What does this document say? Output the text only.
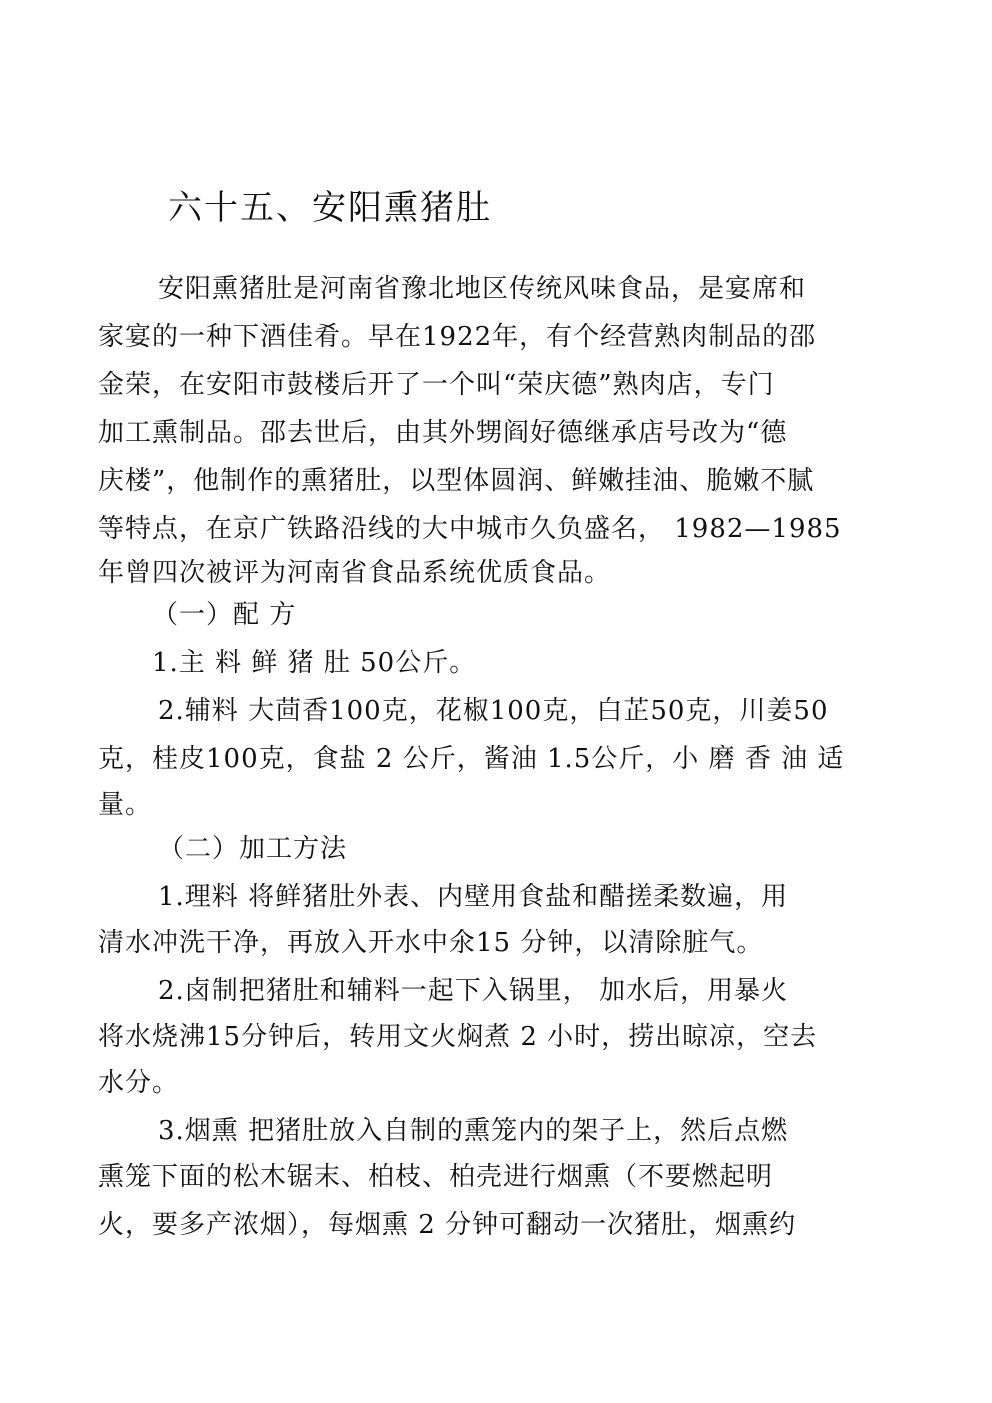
六十五、安阳熏猪肚

安阳熏猪肚是河南省豫北地区传统风味食品，是宴席和

家宴的一种下酒佳肴。早在1922年，有个经营熟肉制品的邵

金荣，在安阳市鼓楼后开了一个叫“荣庆德”熟肉店，专门

加工熏制品。邵去世后，由其外甥阎好德继承店号改为“德

庆楼”，他制作的熏猪肚，以型体圆润、鲜嫩挂油、脆嫩不腻

等特点，在京广铁路沿线的大中城市久负盛名， 1982—1985

年曾四次被评为河南省食品系统优质食品。

（一）配 方

1.主 料 鲜 猪 肚 50公斤。

2.辅料 大茴香100克，花椒100克，白芷50克，川姜50

克，桂皮100克，食盐 2 公斤，酱油 1.5公斤，小 磨 香 油 适

量。

（二）加工方法

1.理料 将鲜猪肚外表、内壁用食盐和醋搓柔数遍，用

清水冲洗干净，再放入开水中氽15 分钟，以清除脏气。

2.卤制把猪肚和辅料一起下入锅里， 加水后，用暴火

将水烧沸15分钟后，转用文火焖煮 2 小时，捞出晾凉，空去

水分。

3.烟熏 把猪肚放入自制的熏笼内的架子上，然后点燃

熏笼下面的松木锯末、柏枝、柏壳进行烟熏（不要燃起明

火，要多产浓烟），每烟熏 2 分钟可翻动一次猪肚，烟熏约
